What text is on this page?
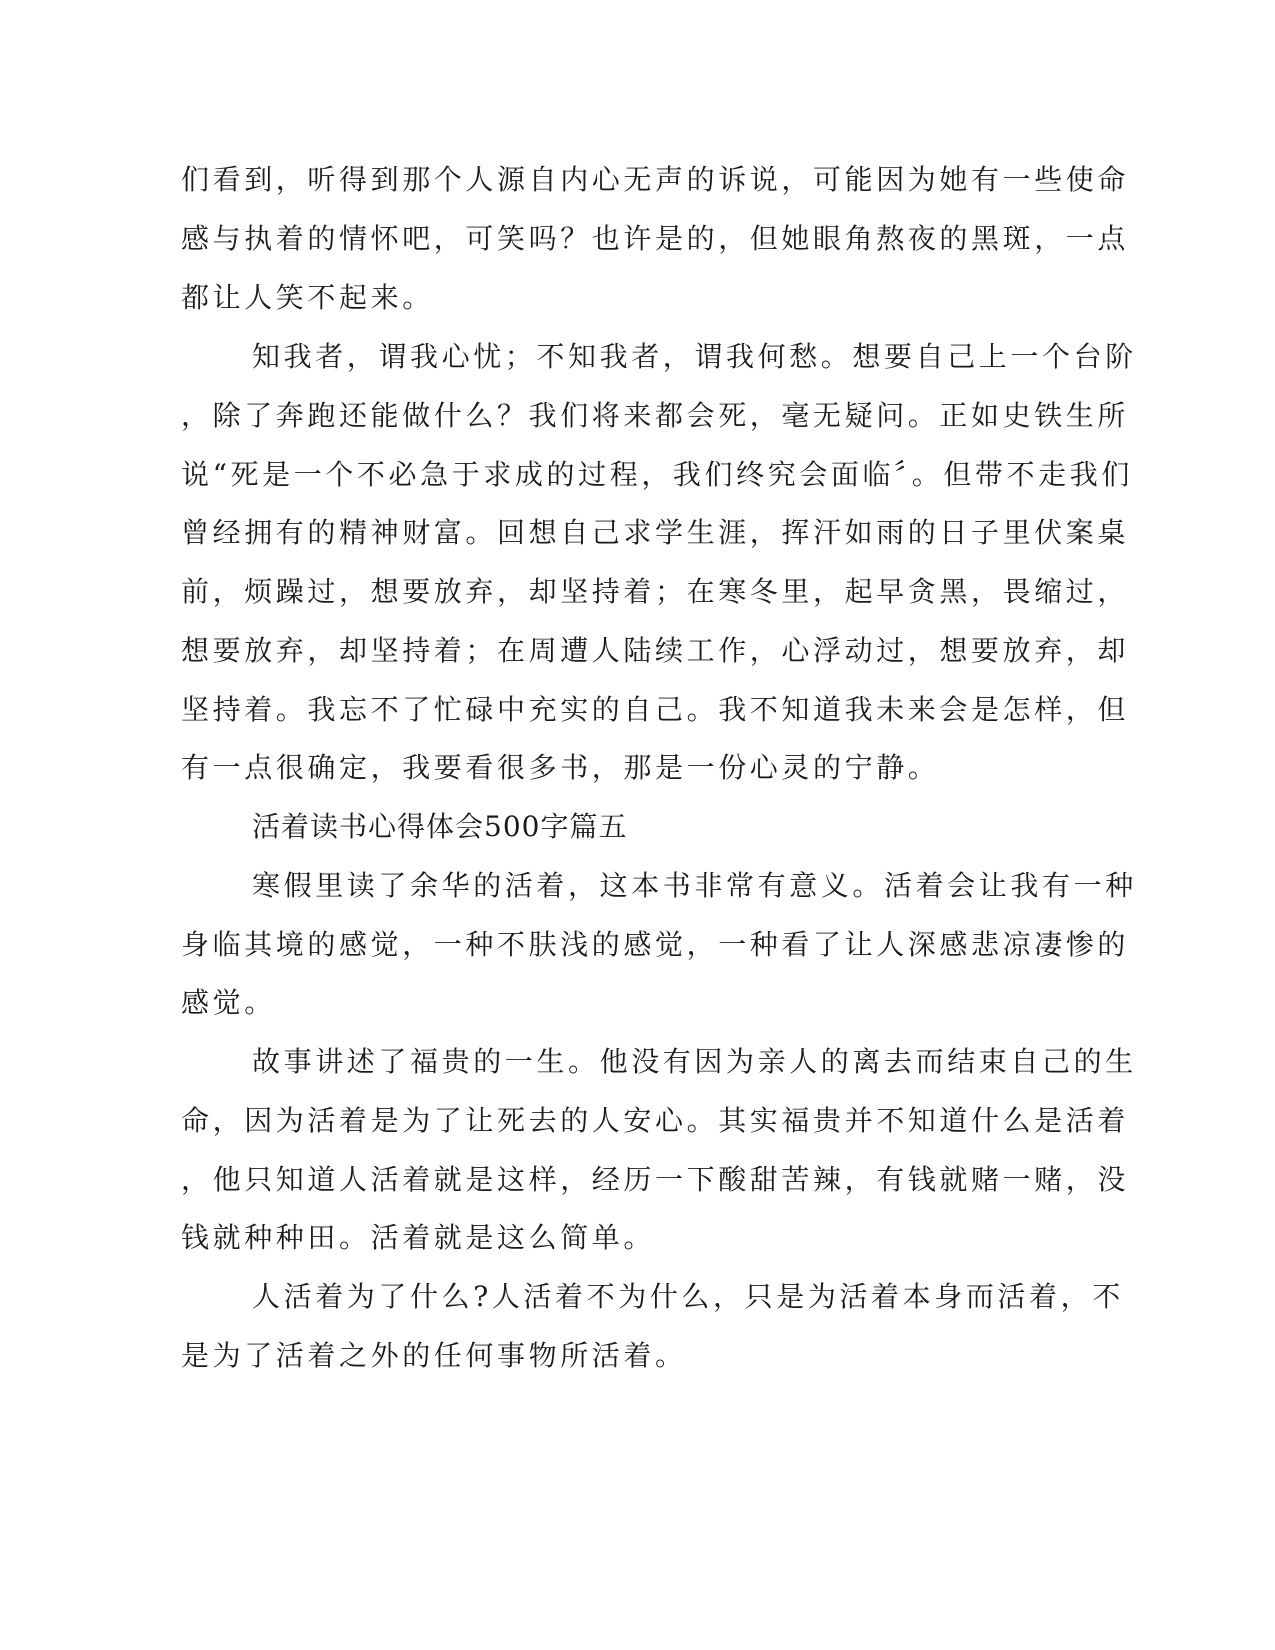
们看到，听得到那个人源自内心无声的诉说，可能因为她有一些使命
感与执着的情怀吧，可笑吗？也许是的，但她眼角熬夜的黑斑，一点
都让人笑不起来。
知我者，谓我心忧；不知我者，谓我何愁。想要自己上一个台阶
，除了奔跑还能做什么？我们将来都会死，毫无疑问。正如史铁生所
说“死是一个不必急于求成的过程，我们终究会面临〞。但带不走我们
曾经拥有的精神财富。回想自己求学生涯，挥汗如雨的日子里伏案桌
前，烦躁过，想要放弃，却坚持着；在寒冬里，起早贪黑，畏缩过，
想要放弃，却坚持着；在周遭人陆续工作，心浮动过，想要放弃，却
坚持着。我忘不了忙碌中充实的自己。我不知道我未来会是怎样，但
有一点很确定，我要看很多书，那是一份心灵的宁静。
活着读书心得体会500字篇五
寒假里读了余华的活着，这本书非常有意义。活着会让我有一种
身临其境的感觉，一种不肤浅的感觉，一种看了让人深感悲凉凄惨的
感觉。
故事讲述了福贵的一生。他没有因为亲人的离去而结束自己的生
命，因为活着是为了让死去的人安心。其实福贵并不知道什么是活着
，他只知道人活着就是这样，经历一下酸甜苦辣，有钱就赌一赌，没
钱就种种田。活着就是这么简单。
人活着为了什么?人活着不为什么，只是为活着本身而活着，不
是为了活着之外的任何事物所活着。
